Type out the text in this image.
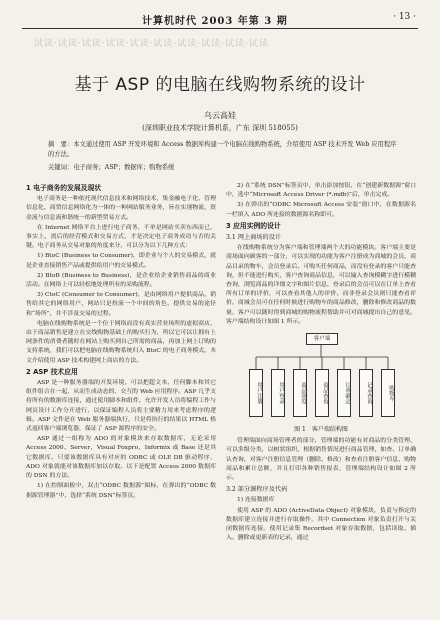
试读·试读·试读·试读·试读·试读·试读·试读·试读·试读
计算机时代 2003 年第 3 期	· 13 ·
基于 ASP 的电脑在线购物系统的设计
乌云高娃
(深圳职业技术学院计算机系，广东 深圳 518055)
摘　要：本文通过使用 ASP 开发环境和 Access 数据库构建一个电脑在线购物系统，介绍使用 ASP 技术开发 Web 应用程序的方法。
关键词：电子商务；ASP；数据库；购物系统
1 电子商务的发展及现状

电子商务是一种依托现代信息技术和网络技术，集金融电子化、管理信息化、商贸信息网络化为一体的一种网站服务业务，旨在实现物流、资金流与信息流和谐统一的新型贸易方式。

在 Internet 网络平台上进行电子商务，不单是网站买卖东西而已，事实上，需后的经营模式和交易方式，才是决定电子商务成功与否的关键。电子商务从交易对象的角度来分，可以分为以下几种方式：

1) BtoC (Business to Consumer)，即企业与个人的交易模式，就是企业直接销售产品或提供给用户的交易模式。

2) BtoB (Business to Business)，是企业给企业销售商品的商业活动。在网络上可以轻松地处理所有的采购流程。

3) CtoC (Consumer to Consumer)，是由网络用户提供商品，销售给其它的网络用户，网站只是扮演一个中间的角色，提供交易的途径和“场所”，并不涉及交易的过程。

电脑在线购物系统是一个位于网络而没有真实营业场所的虚拟商店，由于商品销售是建立在交线购物基础上的购买行为，所以它可以让拥有上网条件的消费者随时在网站上购买到自己所需的商品，再加上网上订购的支持系统，我们可以把电脑在线购物系统归入 BtoC 的电子商务模式。本文介绍使用 ASP 技术构建网上商店的方法。

2 ASP 技术应用

ASP 是一种服务器端的开发环境，可以把超文本、任何脚本和其它组件组合在一起，从而生成动态的、交互的 Web 应用程序。ASP 几乎支持所有的数据库连接，通过使用脚本和组件，允许开发人员将编程工作与网页设计工作分开进行，以保证编程人员将主要精力用来考虑程序的逻辑。ASP 文件是在 Web 服务器端执行，只是将执行的结果以 HTML 格式返回客户端浏览器，保证了 ASP 源程序的安全。

ASP 通过一组称为 ADO 的对象模块来存取数据库，无论采用 Access 2000、Server，Visual Foxpro，Informix 或 Base 还是其它数据库，只要该数据库具有对应的 ODBC 或 OLE DB 驱动程序，ADO 对象就能对该数据库加以存取。以下是配置 Access 2000 数据库的 DSN 的方法。

1) 在控制面板中，双击“ODBC 数据源”图标，在弹出的“ODBC 数据源管理器”中，选择“系统 DSN”标签页。

2) 在“系统 DSN”标签页中，单击添加按钮，在“创建新数据源”窗口中，选中“Microsoft Access Driver (*.mdb)”后，单击完成。

3) 在弹出的“ODBC Microsoft Access 安装”窗口中，在数据源名一栏填入 ADO 所连接的数据源名称即可。

3 应用实例的设计
3.1 网上商场的设计

在线购物系统分为客户端和管理端两个大的功能模块。客户端主要是商场面向顾客的一部分，可以实现的功能为客户注册成为商城的会员，商品目录的物车，会员登录后，可购买任何商品，而没有登录的客户只能查询，但不能进行购买，客户查询商品信息，可以输入查询模糊字进行模糊查询，浏览商品的详细文字和图片信息，登录后的会员可以在订单上查看所有订单的评价，可以查看其他人的评价。而非登录会员则只能查看评价，商城会员可在任何时候进行购物车的商品修改，删除和修改商品的数量，客户可以随时得到商城的购物流程帮助并可对商城提出自己的意见。客户端结构设计如图 1 所示。

客户端
用户注册	用户登录	商品浏览	商品查询	订单确定	记录查询	购物车
图 1　客户端结构图

管理端面向商场管理者的部分，管理端的功能有对商品的分类管理，可以多级分类，以树状组织，根据销售情况进行商品管理，如查、订单确认查询，对客户注册信息管理（删除、修改）和查看注册客户信息、购物商品和累计总额，并且打印各种销售报表，管理端结构设计如图 2 所示。

3.2 部分源程序及代码

1) 连接数据库

使用 ASP 的 ADO (ActiveData Object) 对象模块，负责与指定的数据库建立连接并进行存取操作，其中 Connection 对象负责打开与关闭数据库连接。使用记录集 Recordset 对象存取数据，包括读取、插入、删除或更新表的记录，通过
